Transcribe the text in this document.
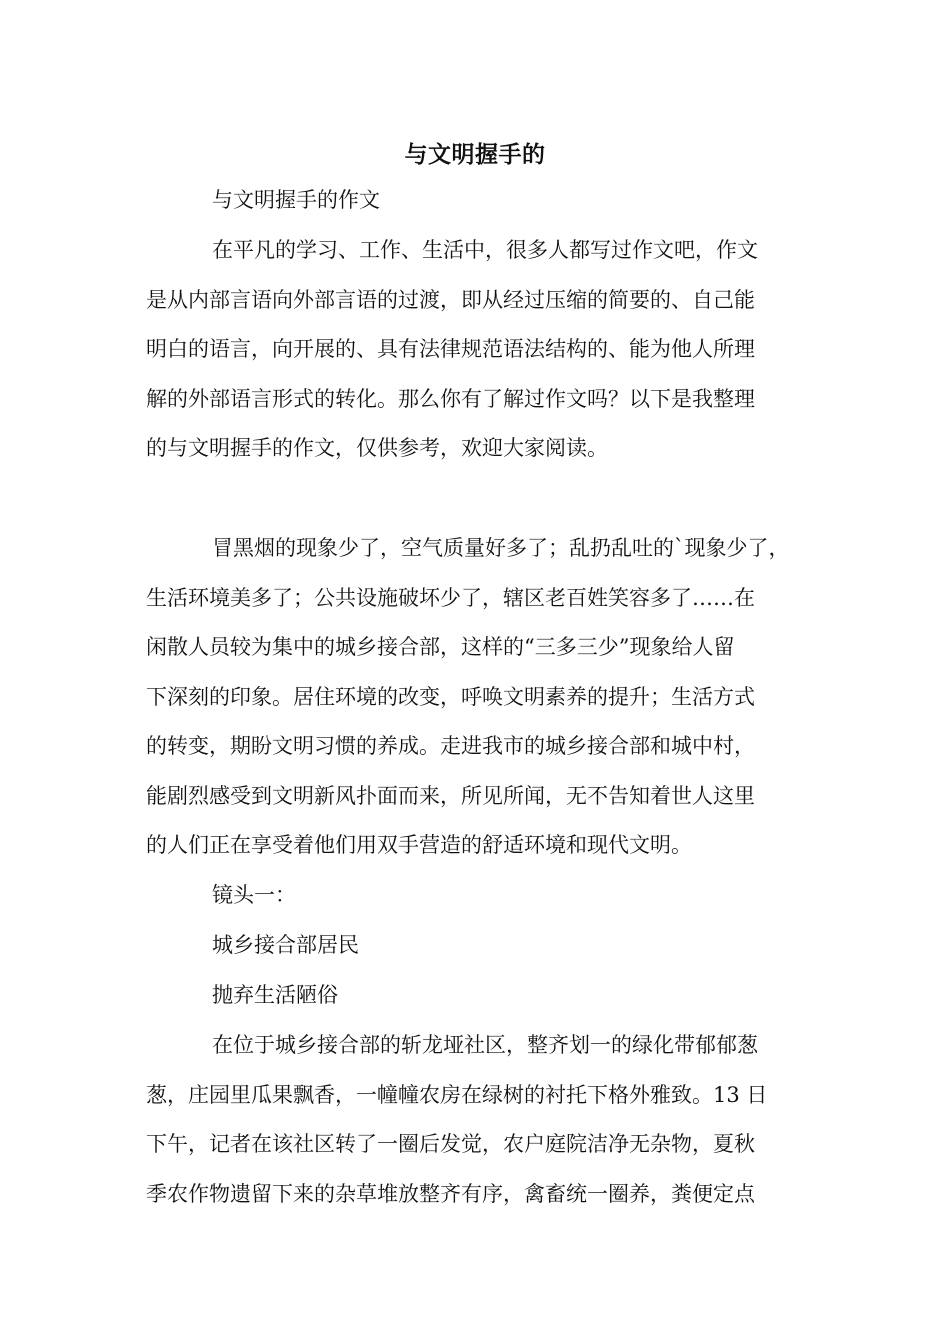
与文明握手的
与文明握手的作文
在平凡的学习、工作、生活中，很多人都写过作文吧，作文
是从内部言语向外部言语的过渡，即从经过压缩的简要的、自己能
明白的语言，向开展的、具有法律规范语法结构的、能为他人所理
解的外部语言形式的转化。那么你有了解过作文吗？以下是我整理
的与文明握手的作文，仅供参考，欢迎大家阅读。
冒黑烟的现象少了，空气质量好多了；乱扔乱吐的`现象少了，
生活环境美多了；公共设施破坏少了，辖区老百姓笑容多了……在
闲散人员较为集中的城乡接合部，这样的“三多三少”现象给人留
下深刻的印象。居住环境的改变，呼唤文明素养的提升；生活方式
的转变，期盼文明习惯的养成。走进我市的城乡接合部和城中村，
能剧烈感受到文明新风扑面而来，所见所闻，无不告知着世人这里
的人们正在享受着他们用双手营造的舒适环境和现代文明。
镜头一：
城乡接合部居民
抛弃生活陋俗
在位于城乡接合部的斩龙垭社区，整齐划一的绿化带郁郁葱
葱，庄园里瓜果飘香，一幢幢农房在绿树的衬托下格外雅致。13 日
下午，记者在该社区转了一圈后发觉，农户庭院洁净无杂物，夏秋
季农作物遗留下来的杂草堆放整齐有序，禽畜统一圈养，粪便定点
